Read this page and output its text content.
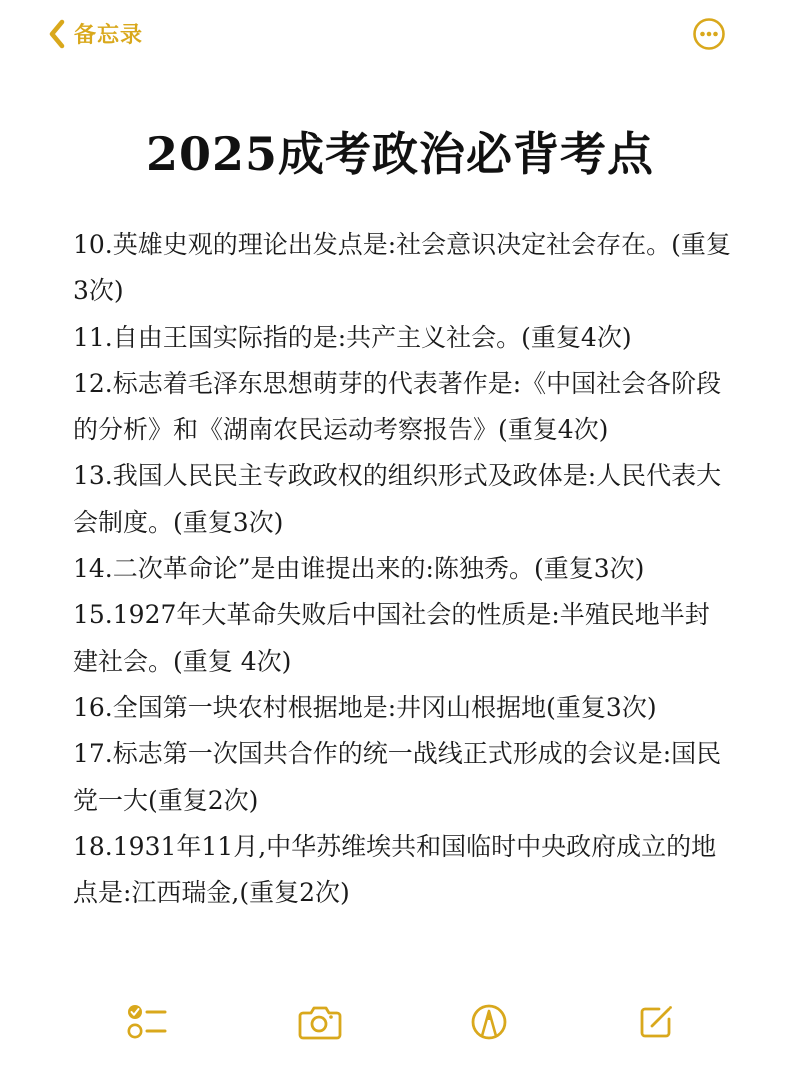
备忘录
2025成考政治必背考点

10.英雄史观的理论出发点是:社会意识决定社会存在。(重复3次)

11.自由王国实际指的是:共产主义社会。(重复4次)

12.标志着毛泽东思想萌芽的代表著作是:《中国社会各阶段的分析》和《湖南农民运动考察报告》(重复4次)

13.我国人民民主专政政权的组织形式及政体是:人民代表大会制度。(重复3次)

14.二次革命论”是由谁提出来的:陈独秀。(重复3次)

15.1927年大革命失败后中国社会的性质是:半殖民地半封建社会。(重复 4次)

16.全国第一块农村根据地是:井冈山根据地(重复3次)

17.标志第一次国共合作的统一战线正式形成的会议是:国民党一大(重复2次)

18.1931年11月,中华苏维埃共和国临时中央政府成立的地点是:江西瑞金,(重复2次)
